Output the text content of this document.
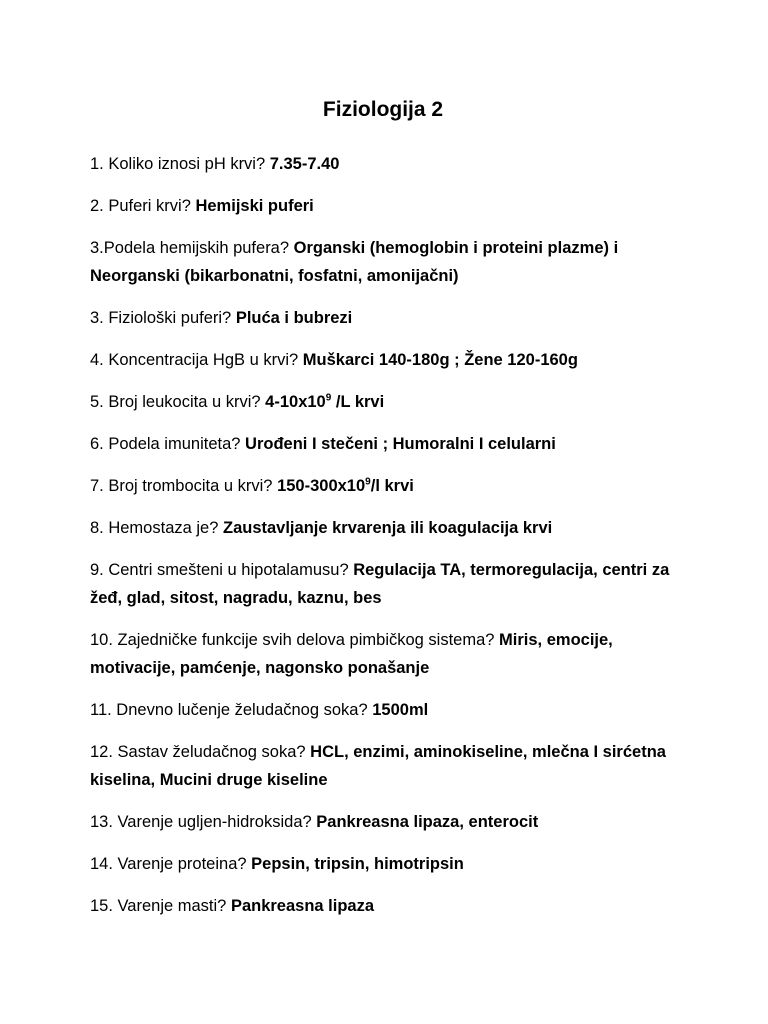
Fiziologija 2

1. Koliko iznosi pH krvi? 7.35-7.40

2. Puferi krvi? Hemijski puferi

3.Podela hemijskih pufera? Organski (hemoglobin i proteini plazme) i Neorganski (bikarbonatni, fosfatni, amonijačni)

3. Fiziološki puferi? Pluća i bubrezi

4. Koncentracija HgB u krvi? Muškarci 140-180g ; Žene 120-160g

5. Broj leukocita u krvi? $4-10x10^9$ /L krvi

6. Podela imuniteta? Urođeni I stečeni ; Humoralni I celularni

7. Broj trombocita u krvi? $150-300x10^9/l$ krvi

8. Hemostaza je? Zaustavljanje krvarenja ili koagulacija krvi

9. Centri smešteni u hipotalamusu? Regulacija TA, termoregulacija, centri za žeđ, glad, sitost, nagradu, kaznu, bes

10. Zajedničke funkcije svih delova pimbičkog sistema? Miris, emocije, motivacije, pamćenje, nagonsko ponašanje

11. Dnevno lučenje želudačnog soka? 1500ml

12. Sastav želudačnog soka? HCL, enzimi, aminokiseline, mlečna I sirćetna kiselina, Mucini druge kiseline

13. Varenje ugljen-hidroksida? Pankreasna lipaza, enterocit

14. Varenje proteina? Pepsin, tripsin, himotripsin

15. Varenje masti? Pankreasna lipaza
